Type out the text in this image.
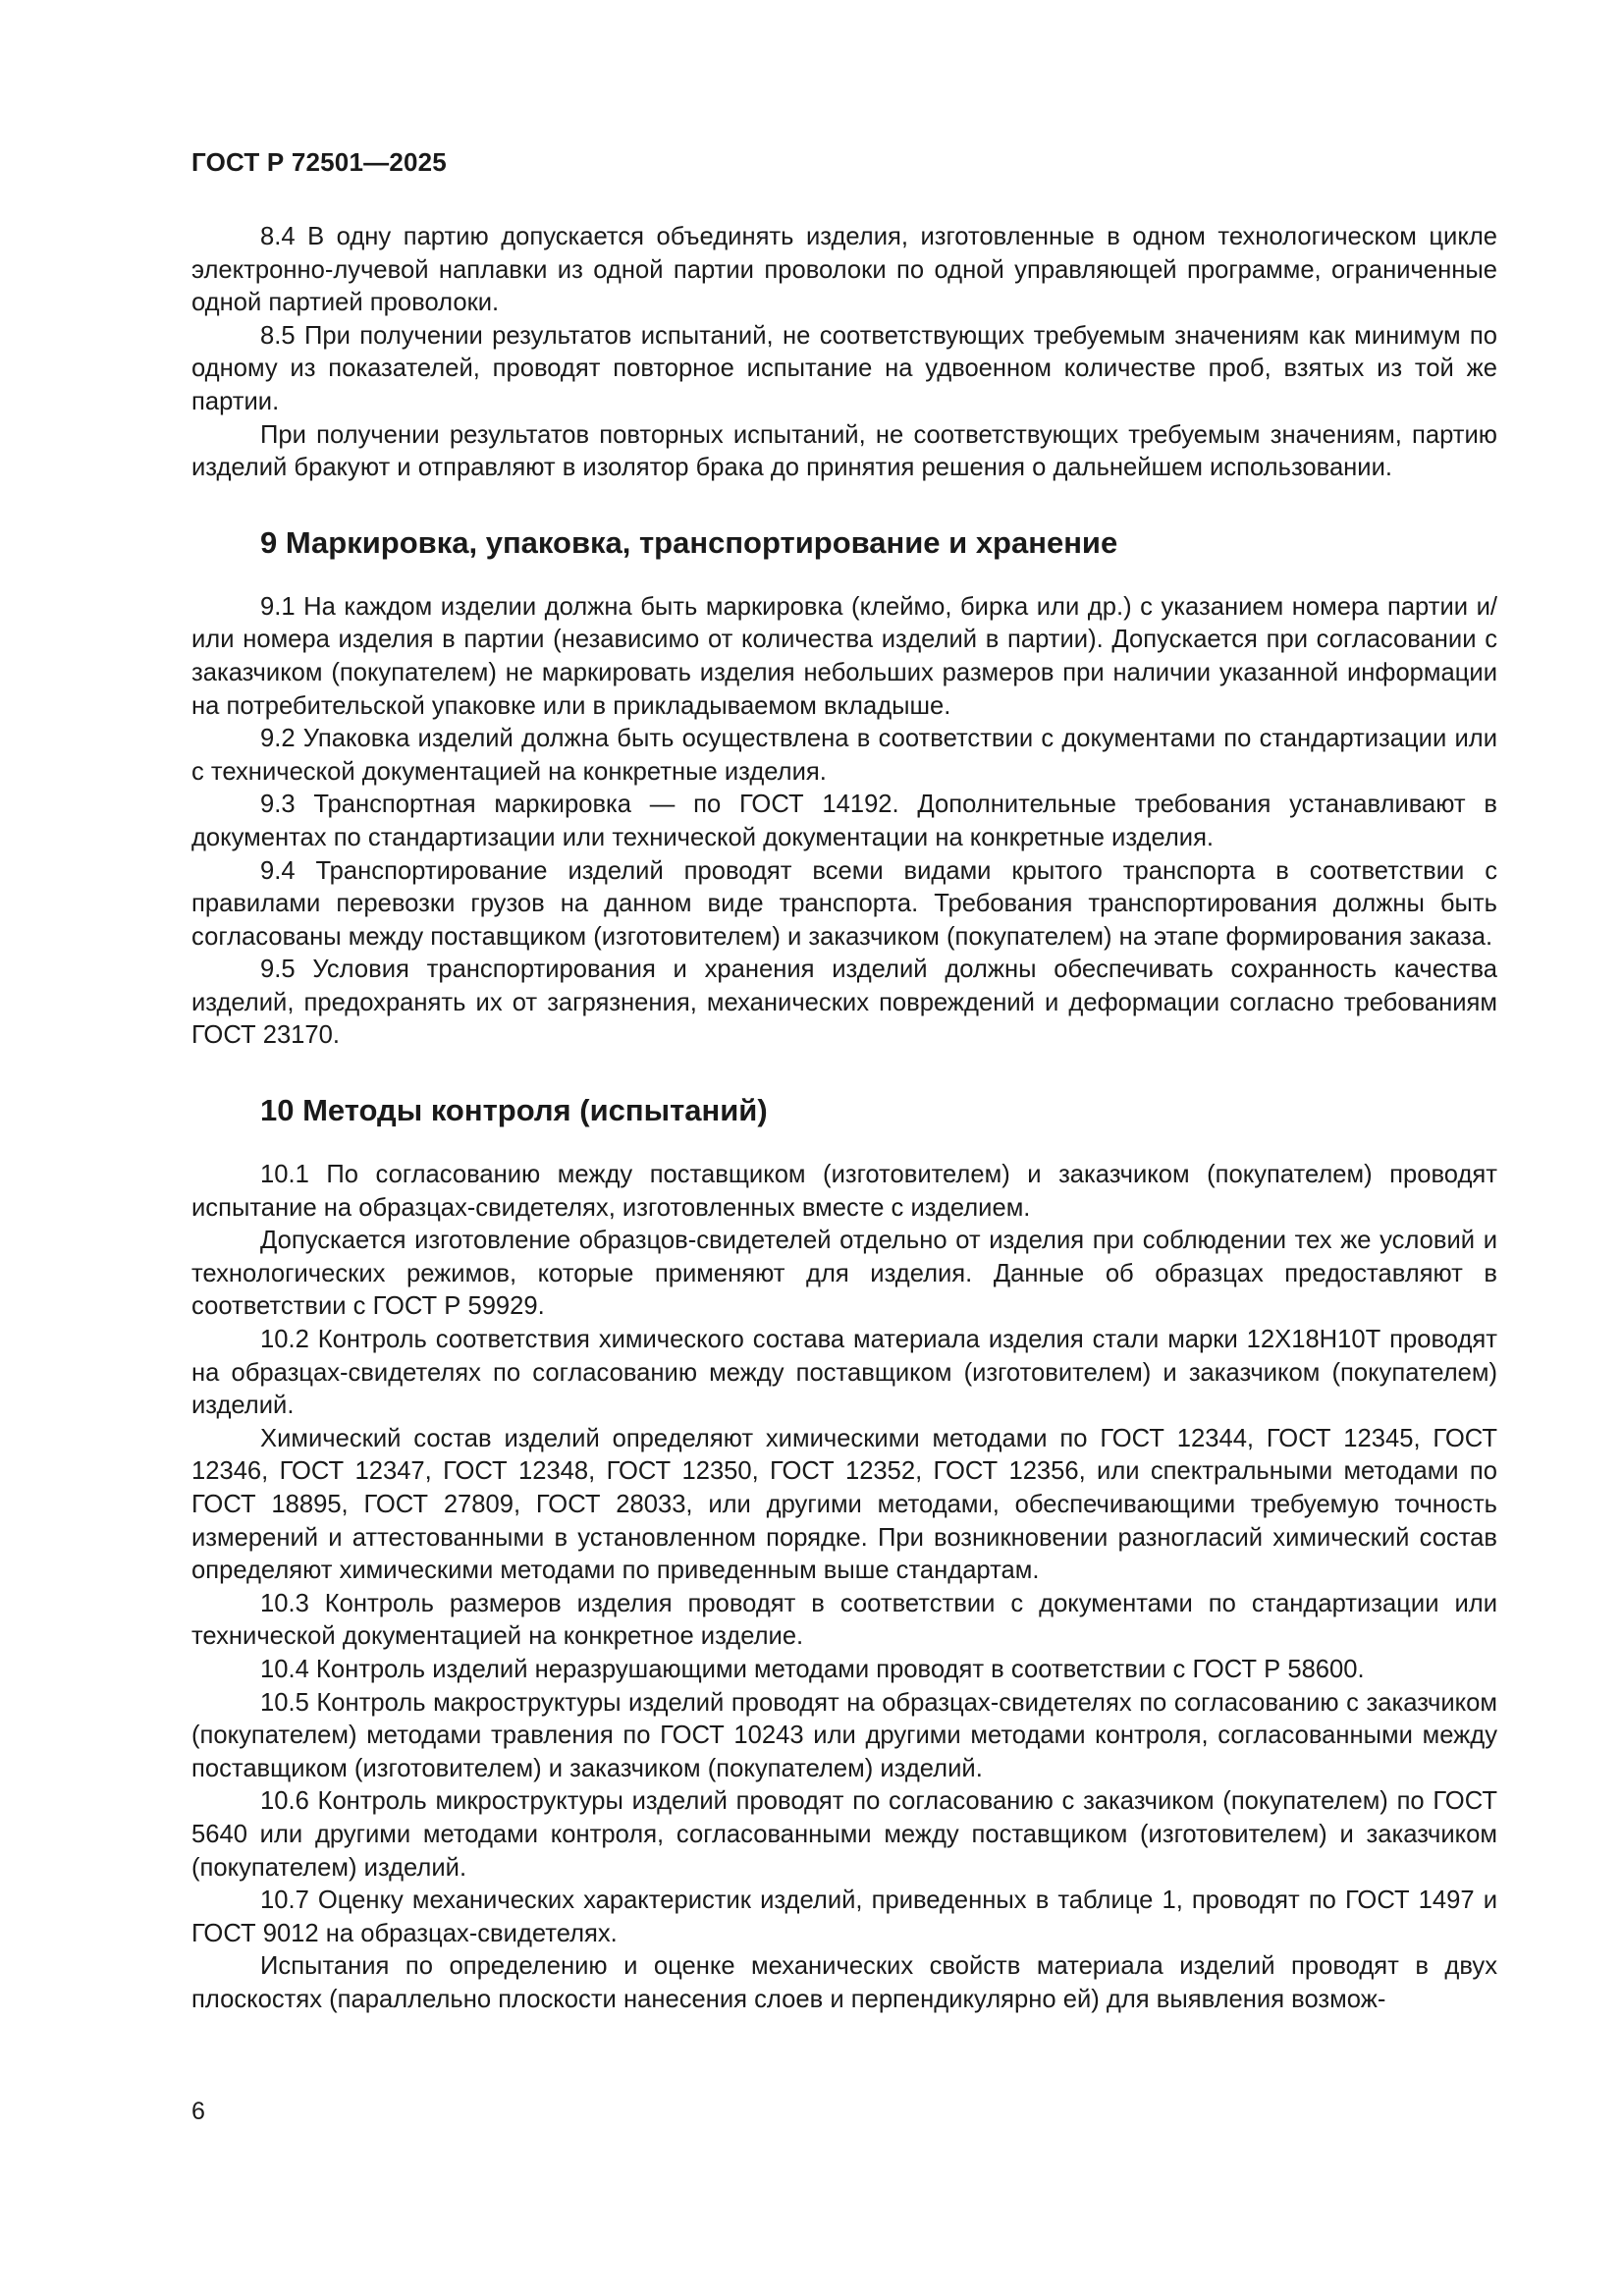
ГОСТ Р 72501—2025

8.4 В одну партию допускается объединять изделия, изготовленные в одном технологическом цикле электронно-лучевой наплавки из одной партии проволоки по одной управляющей программе, ограниченные одной партией проволоки.

8.5 При получении результатов испытаний, не соответствующих требуемым значениям как минимум по одному из показателей, проводят повторное испытание на удвоенном количестве проб, взятых из той же партии.

При получении результатов повторных испытаний, не соответствующих требуемым значениям, партию изделий бракуют и отправляют в изолятор брака до принятия решения о дальнейшем использовании.

9 Маркировка, упаковка, транспортирование и хранение

9.1 На каждом изделии должна быть маркировка (клеймо, бирка или др.) с указанием номера партии и/или номера изделия в партии (независимо от количества изделий в партии). Допускается при согласовании с заказчиком (покупателем) не маркировать изделия небольших размеров при наличии указанной информации на потребительской упаковке или в прикладываемом вкладыше.

9.2 Упаковка изделий должна быть осуществлена в соответствии с документами по стандартизации или с технической документацией на конкретные изделия.

9.3 Транспортная маркировка — по ГОСТ 14192. Дополнительные требования устанавливают в документах по стандартизации или технической документации на конкретные изделия.

9.4 Транспортирование изделий проводят всеми видами крытого транспорта в соответствии с правилами перевозки грузов на данном виде транспорта. Требования транспортирования должны быть согласованы между поставщиком (изготовителем) и заказчиком (покупателем) на этапе формирования заказа.

9.5 Условия транспортирования и хранения изделий должны обеспечивать сохранность качества изделий, предохранять их от загрязнения, механических повреждений и деформации согласно требованиям ГОСТ 23170.

10 Методы контроля (испытаний)

10.1 По согласованию между поставщиком (изготовителем) и заказчиком (покупателем) проводят испытание на образцах-свидетелях, изготовленных вместе с изделием.

Допускается изготовление образцов-свидетелей отдельно от изделия при соблюдении тех же условий и технологических режимов, которые применяют для изделия. Данные об образцах предоставляют в соответствии с ГОСТ Р 59929.

10.2 Контроль соответствия химического состава материала изделия стали марки 12Х18Н10Т проводят на образцах-свидетелях по согласованию между поставщиком (изготовителем) и заказчиком (покупателем) изделий.

Химический состав изделий определяют химическими методами по ГОСТ 12344, ГОСТ 12345, ГОСТ 12346, ГОСТ 12347, ГОСТ 12348, ГОСТ 12350, ГОСТ 12352, ГОСТ 12356, или спектральными методами по ГОСТ 18895, ГОСТ 27809, ГОСТ 28033, или другими методами, обеспечивающими требуемую точность измерений и аттестованными в установленном порядке. При возникновении разногласий химический состав определяют химическими методами по приведенным выше стандартам.

10.3 Контроль размеров изделия проводят в соответствии с документами по стандартизации или технической документацией на конкретное изделие.

10.4 Контроль изделий неразрушающими методами проводят в соответствии с ГОСТ Р 58600.

10.5 Контроль макроструктуры изделий проводят на образцах-свидетелях по согласованию с заказчиком (покупателем) методами травления по ГОСТ 10243 или другими методами контроля, согласованными между поставщиком (изготовителем) и заказчиком (покупателем) изделий.

10.6 Контроль микроструктуры изделий проводят по согласованию с заказчиком (покупателем) по ГОСТ 5640 или другими методами контроля, согласованными между поставщиком (изготовителем) и заказчиком (покупателем) изделий.

10.7 Оценку механических характеристик изделий, приведенных в таблице 1, проводят по ГОСТ 1497 и ГОСТ 9012 на образцах-свидетелях.

Испытания по определению и оценке механических свойств материала изделий проводят в двух плоскостях (параллельно плоскости нанесения слоев и перпендикулярно ей) для выявления возмож-

6
